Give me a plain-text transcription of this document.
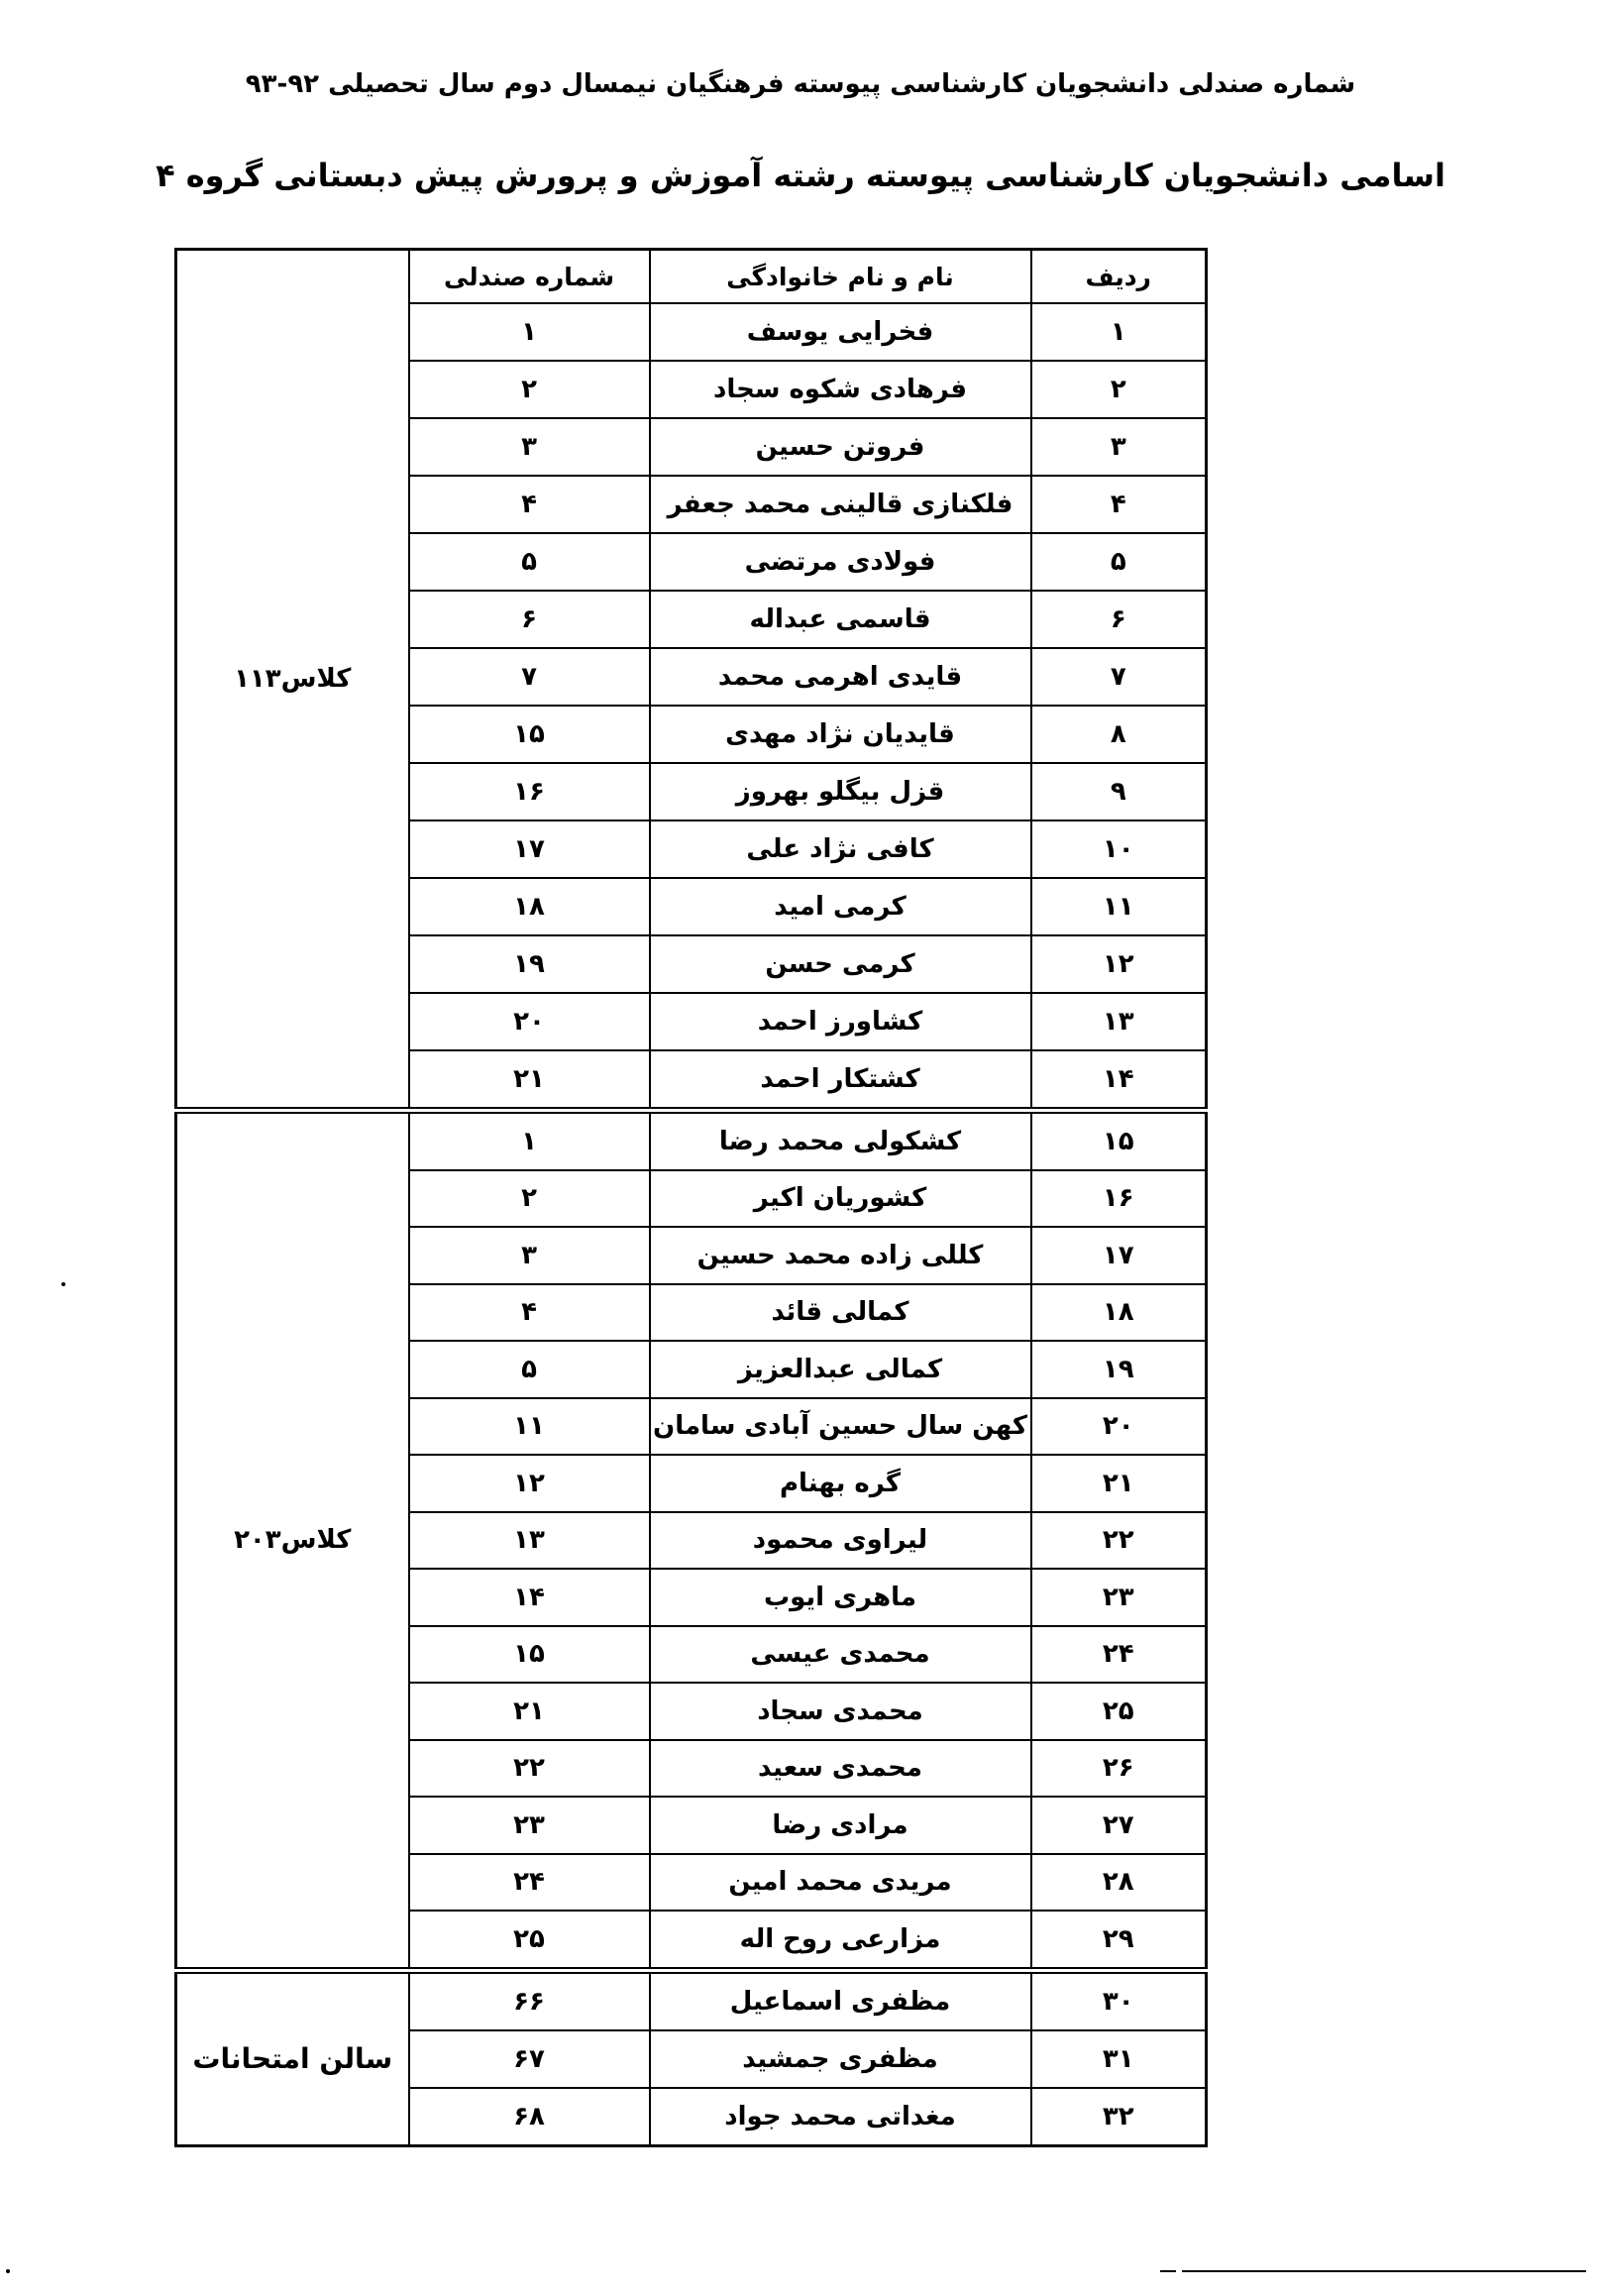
شماره صندلی دانشجویان کارشناسی پیوسته فرهنگیان نیمسال دوم سال تحصیلی ۹۲-۹۳
اسامی دانشجویان کارشناسی پیوسته رشته آموزش و پرورش پیش دبستانی گروه ۴
ردیف	نام و نام خانوادگی	شماره صندلی	کلاس۱۱۳
۱	فخرایی یوسف	۱	
۲	فرهادی شکوه سجاد	۲	
۳	فروتن حسین	۳	
۴	فلکنازی قالینی محمد جعفر	۴	
۵	فولادی مرتضی	۵	
۶	قاسمی عبداله	۶	
۷	قایدی اهرمی محمد	۷	
۸	قایدیان نژاد مهدی	۱۵	
۹	قزل بیگلو بهروز	۱۶	
۱۰	کافی نژاد علی	۱۷	
۱۱	کرمی امید	۱۸	
۱۲	کرمی حسن	۱۹	
۱۳	کشاورز احمد	۲۰	
۱۴	کشتکار احمد	۲۱	
۱۵	کشکولی محمد رضا	۱	کلاس۲۰۳
۱۶	کشوریان اکیر	۲	
۱۷	کللی زاده محمد حسین	۳	
۱۸	کمالی قائد	۴	
۱۹	کمالی عبدالعزیز	۵	
۲۰	کهن سال حسین آبادی سامان	۱۱	
۲۱	گره بهنام	۱۲	
۲۲	لیراوی محمود	۱۳	
۲۳	ماهری ایوب	۱۴	
۲۴	محمدی عیسی	۱۵	
۲۵	محمدی سجاد	۲۱	
۲۶	محمدی سعید	۲۲	
۲۷	مرادی رضا	۲۳	
۲۸	مریدی محمد امین	۲۴	
۲۹	مزارعی روح اله	۲۵	
۳۰	مظفری اسماعیل	۶۶	سالن امتحانات
۳۱	مظفری جمشید	۶۷	
۳۲	مغداتی محمد جواد	۶۸	
